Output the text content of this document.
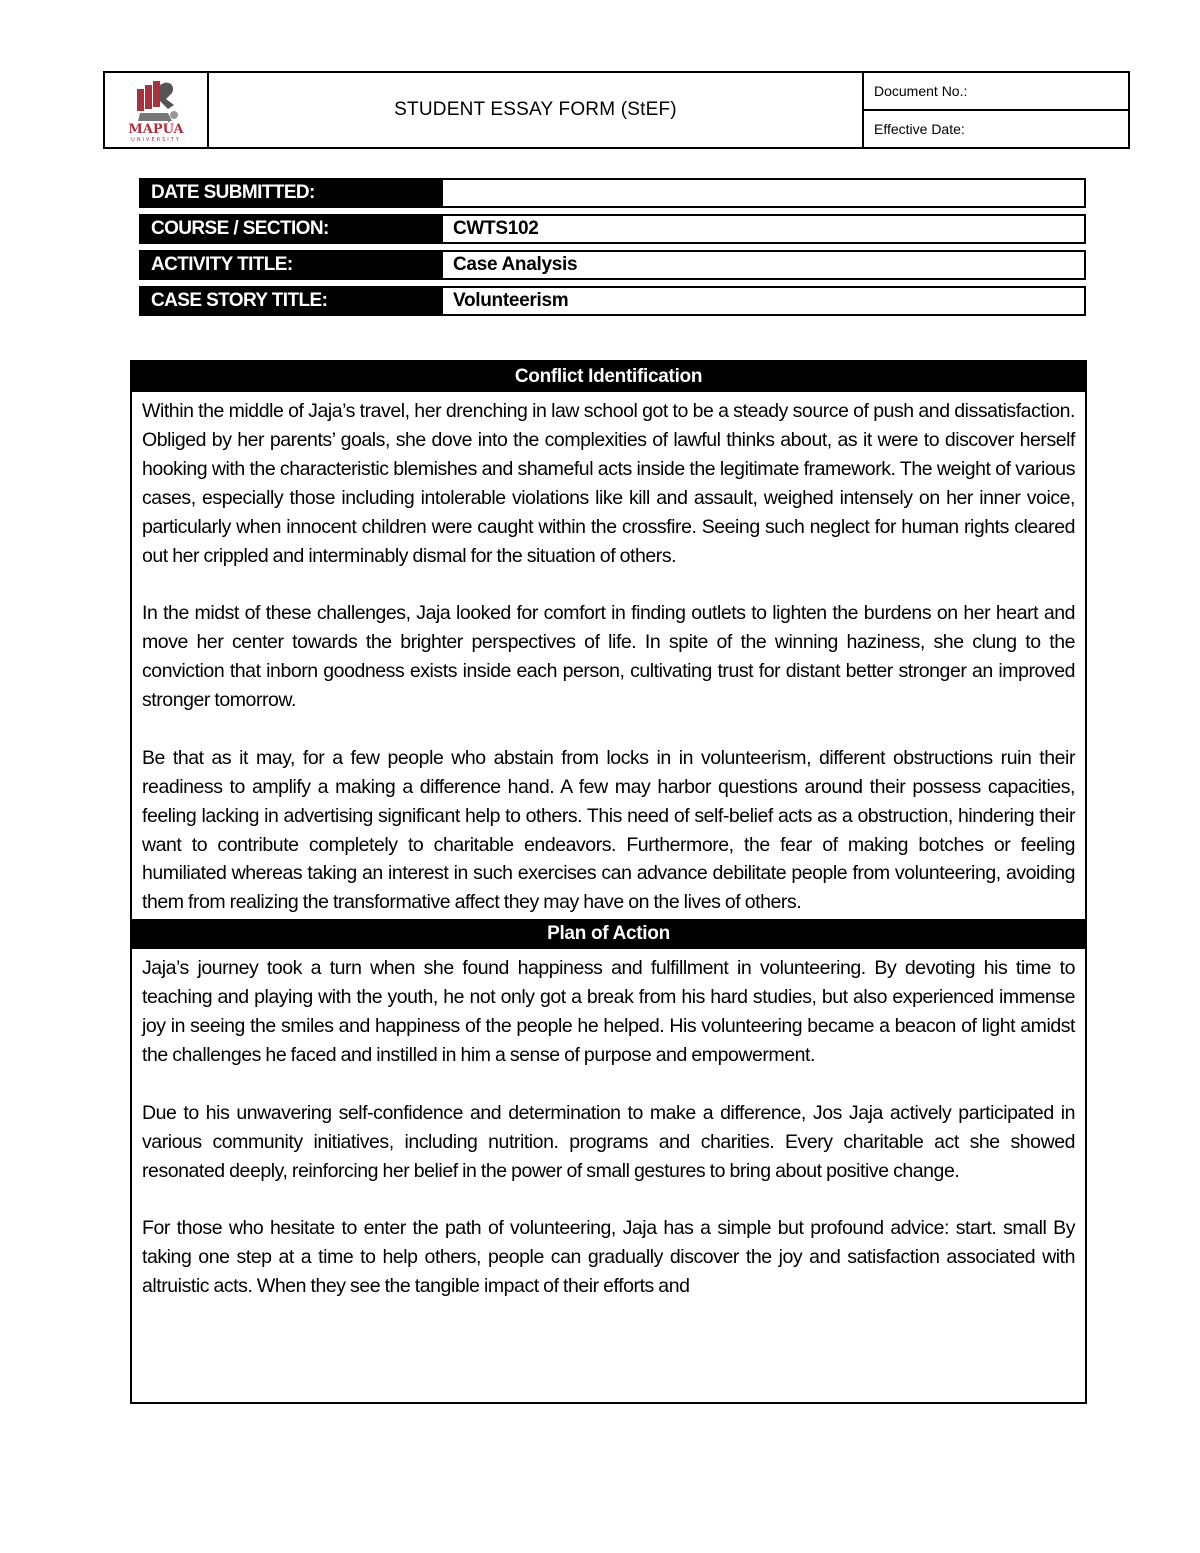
MAPÚA
UNIVERSITY
STUDENT ESSAY FORM (StEF)
Document No.:
Effective Date:
DATE SUBMITTED:
COURSE / SECTION:	CWTS102
ACTIVITY TITLE:	Case Analysis
CASE STORY TITLE:	Volunteerism
Conflict Identification

Within the middle of Jaja’s travel, her drenching in law school got to be a steady source of push and dissatisfaction. Obliged by her parents’ goals, she dove into the complexities of lawful thinks about, as it were to discover herself hooking with the characteristic blemishes and shameful acts inside the legitimate framework. The weight of various cases, especially those including intolerable violations like kill and assault, weighed intensely on her inner voice, particularly when innocent children were caught within the crossfire. Seeing such neglect for human rights cleared out her crippled and interminably dismal for the situation of others.

In the midst of these challenges, Jaja looked for comfort in finding outlets to lighten the burdens on her heart and move her center towards the brighter perspectives of life. In spite of the winning haziness, she clung to the conviction that inborn goodness exists inside each person, cultivating trust for distant better stronger an improved stronger tomorrow.

Be that as it may, for a few people who abstain from locks in in volunteerism, different obstructions ruin their readiness to amplify a making a difference hand. A few may harbor questions around their possess capacities, feeling lacking in advertising significant help to others. This need of self-belief acts as a obstruction, hindering their want to contribute completely to charitable endeavors. Furthermore, the fear of making botches or feeling humiliated whereas taking an interest in such exercises can advance debilitate people from volunteering, avoiding them from realizing the transformative affect they may have on the lives of others.

Plan of Action

Jaja’s journey took a turn when she found happiness and fulfillment in volunteering. By devoting his time to teaching and playing with the youth, he not only got a break from his hard studies, but also experienced immense joy in seeing the smiles and happiness of the people he helped. His volunteering became a beacon of light amidst the challenges he faced and instilled in him a sense of purpose and empowerment.

Due to his unwavering self-confidence and determination to make a difference, Jos Jaja actively participated in various community initiatives, including nutrition. programs and charities. Every charitable act she showed resonated deeply, reinforcing her belief in the power of small gestures to bring about positive change.

For those who hesitate to enter the path of volunteering, Jaja has a simple but profound advice: start. small By taking one step at a time to help others, people can gradually discover the joy and satisfaction associated with altruistic acts. When they see the tangible impact of their efforts and
